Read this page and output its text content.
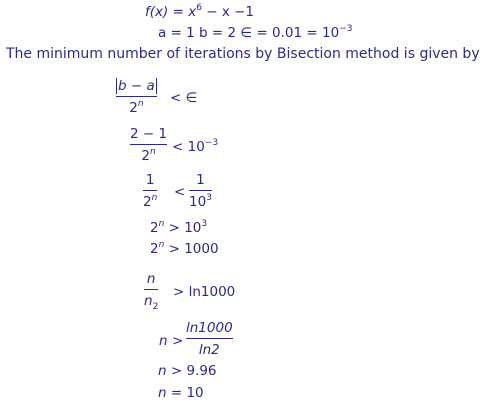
$f(x) = x^6 - x -1$
a = 1 b = 2 ∈ = $0.01 = 10^{-3}$
The minimum number of iterations by Bisection method is given by
b − a
$2^n$ < ∈
2 − 1
$2^n < 10^{-3}$
1
$2^n$ <
1
$10^3$
$2^n > 10^3$
$2^n > 1000$
n
$n_2$
> ln1000
n >
ln1000
ln2
n > 9.96
n = 10
